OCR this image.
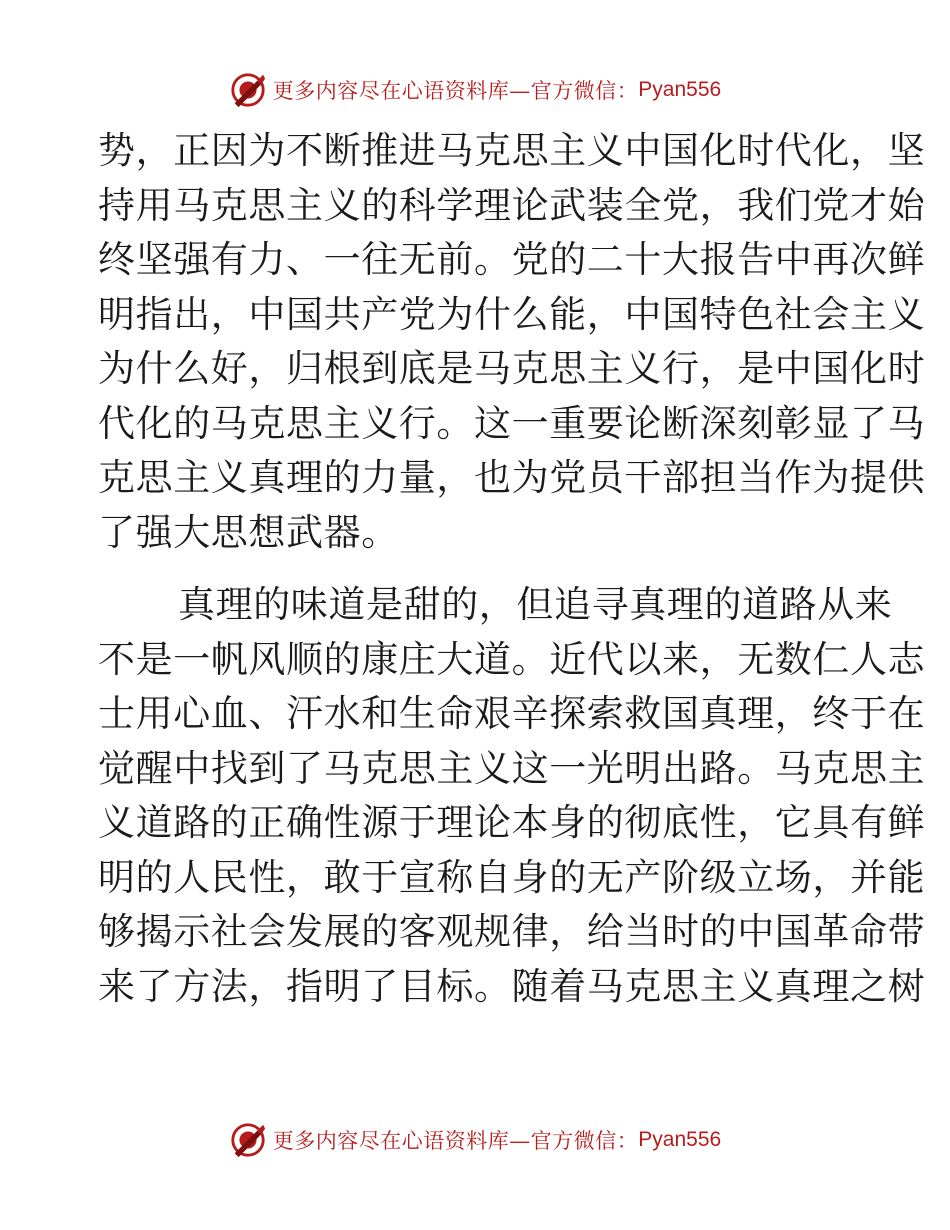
更多内容尽在心语资料库—官方微信： Pyan556
势，正因为不断推进马克思主义中国化时代化，坚
持用马克思主义的科学理论武装全党，我们党才始
终坚强有力、一往无前。党的二十大报告中再次鲜
明指出，中国共产党为什么能，中国特色社会主义
为什么好，归根到底是马克思主义行，是中国化时
代化的马克思主义行。这一重要论断深刻彰显了马
克思主义真理的力量，也为党员干部担当作为提供
了强大思想武器。
真理的味道是甜的，但追寻真理的道路从来
不是一帆风顺的康庄大道。近代以来，无数仁人志
士用心血、汗水和生命艰辛探索救国真理，终于在
觉醒中找到了马克思主义这一光明出路。马克思主
义道路的正确性源于理论本身的彻底性，它具有鲜
明的人民性，敢于宣称自身的无产阶级立场，并能
够揭示社会发展的客观规律，给当时的中国革命带
来了方法，指明了目标。随着马克思主义真理之树
更多内容尽在心语资料库—官方微信： Pyan556
